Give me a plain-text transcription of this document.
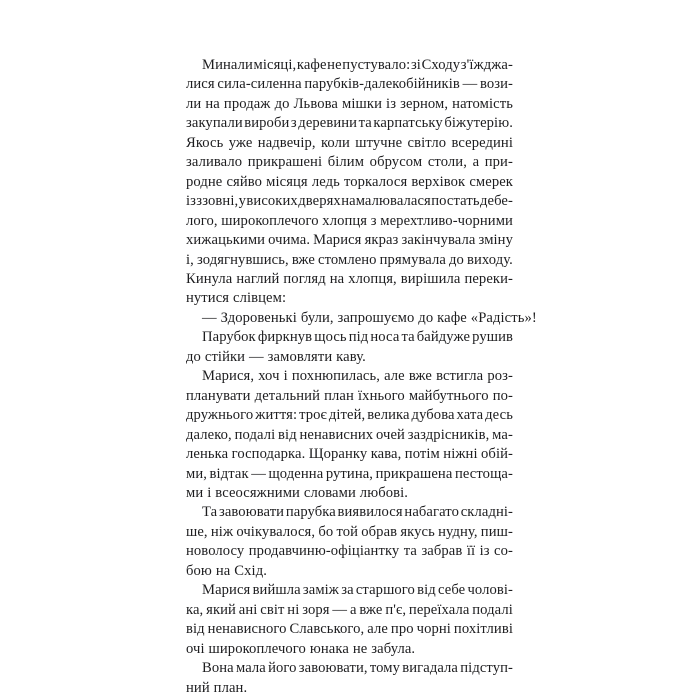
Минали місяці, кафе не пустувало: зі Сходу з'їжджа-
лися сила-силенна парубків-далекобійників — вози-
ли на продаж до Львова мішки із зерном, натомість
закупали вироби з деревини та карпатську біжутерію.
Якось уже надвечір, коли штучне світло всередині
заливало прикрашені білим обрусом столи, а при-
родне сяйво місяця ледь торкалося верхівок смерек
ізззовні, у високих дверях намалювалася постать дебе-
лого, широкоплечого хлопця з мерехтливо-чорними
хижацькими очима. Марися якраз закінчувала зміну
і, зодягнувшись, вже стомлено прямувала до виходу.
Кинула наглий погляд на хлопця, вирішила переки-
нутися слівцем:

— Здоровенькі були, запрошуємо до кафе «Радість»!

Парубок фиркнув щось під носа та байдуже рушив
до стійки — замовляти каву.

Марися, хоч і похнюпилась, але вже встигла роз-
планувати детальний план їхнього майбутнього по-
дружнього життя: троє дітей, велика дубова хата десь
далеко, подалі від ненависних очей заздрісників, ма-
ленька господарка. Щоранку кава, потім ніжні обій-
ми, відтак — щоденна рутина, прикрашена пестоща-
ми і всеосяжними словами любові.

Та завоювати парубка виявилося набагато складні-
ше, ніж очікувалося, бо той обрав якусь нудну, пиш-
новолосу продавчиню-офіціантку та забрав її із со-
бою на Схід.

Марися вийшла заміж за старшого від себе чолові-
ка, який ані світ ні зоря — а вже п'є, переїхала подалі
від ненависного Славського, але про чорні похітливі
очі широкоплечого юнака не забула.

Вона мала його завоювати, тому вигадала підступ-
ний план.
